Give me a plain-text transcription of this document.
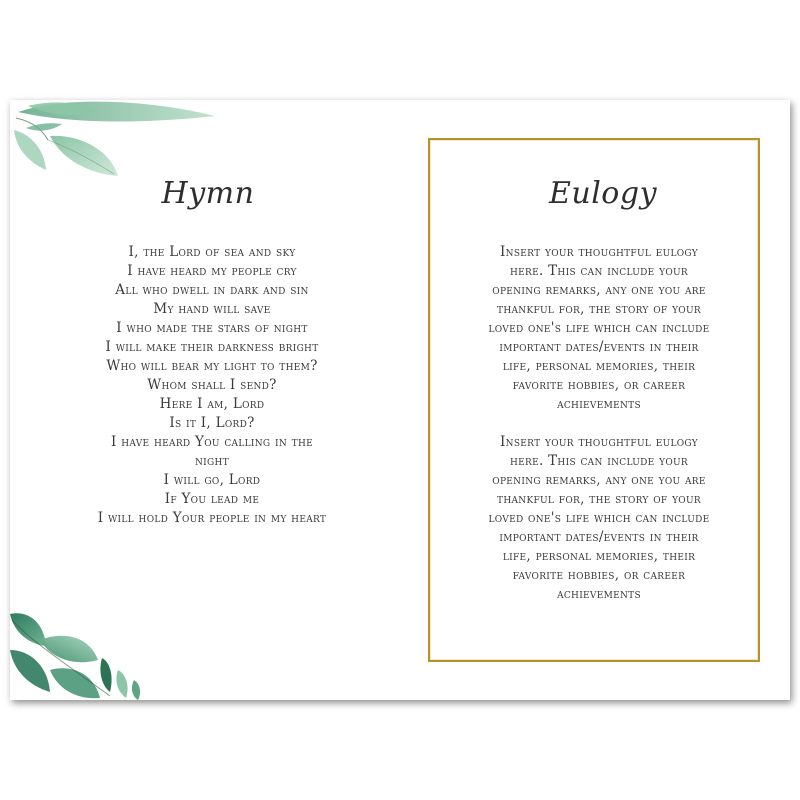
Hymn
I, the Lord of sea and sky
I have heard my people cry
All who dwell in dark and sin
My hand will save
I who made the stars of night
I will make their darkness bright
Who will bear my light to them?
Whom shall I send?
Here I am, Lord
Is it I, Lord?
I have heard You calling in the
night
I will go, Lord
If You lead me
I will hold Your people in my heart
Eulogy
Insert your thoughtful eulogy
here. This can include your
opening remarks, any one you are
thankful for, the story of your
loved one's life which can include
important dates/events in their
life, personal memories, their
favorite hobbies, or career
achievements
Insert your thoughtful eulogy
here. This can include your
opening remarks, any one you are
thankful for, the story of your
loved one's life which can include
important dates/events in their
life, personal memories, their
favorite hobbies, or career
achievements
